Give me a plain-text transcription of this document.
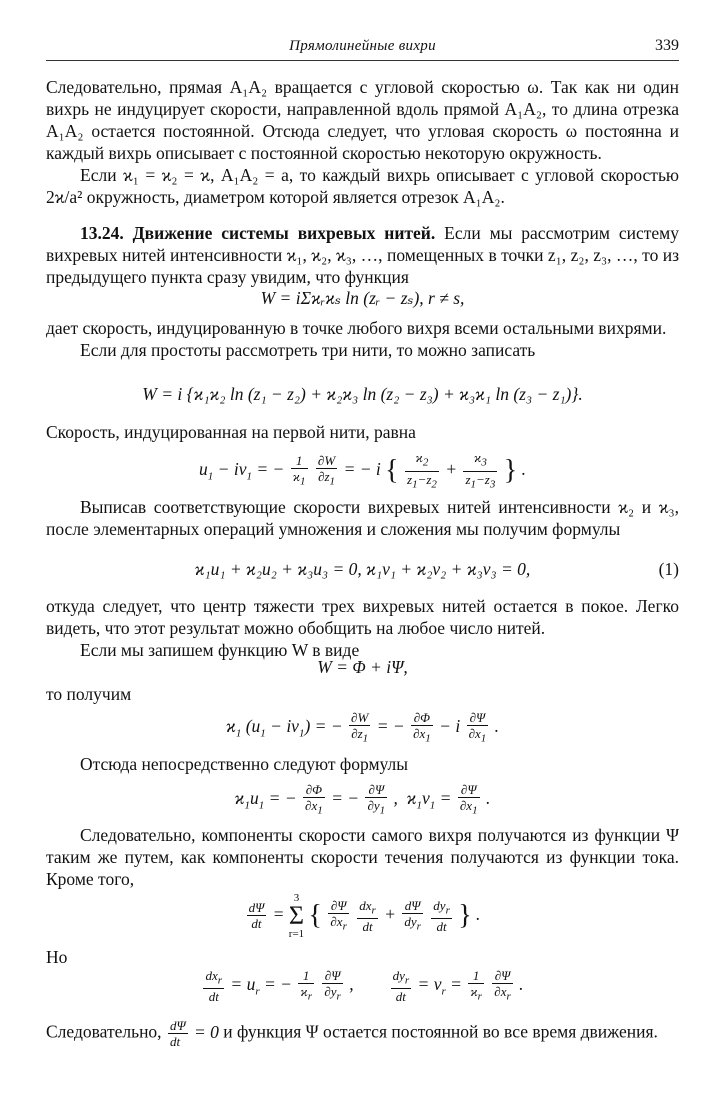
Прямолинейные вихри	339

Следовательно, прямая A₁A₂ вращается с угловой скоростью ω. Так как ни один вихрь не индуцирует скорости, направленной вдоль прямой A₁A₂, то длина отрезка A₁A₂ остается постоянной. Отсюда следует, что угловая скорость ω постоянна и каждый вихрь описывает с постоянной скоростью некоторую окружность.

Если ϰ₁ = ϰ₂ = ϰ, A₁A₂ = a, то каждый вихрь описывает с угловой скоростью 2ϰ/a² окружность, диаметром которой является отрезок A₁A₂.

13.24. Движение системы вихревых нитей. Если мы рассмотрим систему вихревых нитей интенсивности ϰ₁, ϰ₂, ϰ₃, …, помещенных в точки z₁, z₂, z₃, …, то из предыдущего пункта сразу увидим, что функция

W = iΣϰᵣϰₛ ln (zᵣ − zₛ), r ≠ s,

дает скорость, индуцированную в точке любого вихря всеми остальными вихрями.

Если для простоты рассмотреть три нити, то можно записать

W = i {ϰ₁ϰ₂ ln (z₁ − z₂) + ϰ₂ϰ₃ ln (z₂ − z₃) + ϰ₃ϰ₁ ln (z₃ − z₁)}.

Скорость, индуцированная на первой нити, равна

$u_1 - iv_1$ = − $\frac{1}{ϰ_1}$
$\frac{\partial W}{\partial z_1}$ = − i { $\frac{ϰ_2}{z_1-z_2} + \frac{ϰ_3}{z_1-z_3}$ } .

Выписав соответствующие скорости вихревых нитей интенсивности ϰ₂ и ϰ₃, после элементарных операций умножения и сложения мы получим формулы

ϰ₁u₁ + ϰ₂u₂ + ϰ₃u₃ = 0, ϰ₁v₁ + ϰ₂v₂ + ϰ₃v₃ = 0,	(1)

откуда следует, что центр тяжести трех вихревых нитей остается в покое. Легко видеть, что этот результат можно обобщить на любое число нитей.

Если мы запишем функцию W в виде

W = Φ + iΨ,

то получим

$ϰ_1$ $(u_1 - iv_1)$ = − $\frac{\partial W}{\partial z_1}$ = − $\frac{\partial\Phi}{\partial x_1} - i \frac{\partial\Psi}{\partial x_1}$ .

Отсюда непосредственно следуют формулы

$ϰ_1u_1$ = − $\frac{\partial\Phi}{\partial x_1}$ = − $\frac{\partial\Psi}{\partial y_1}$ ,  $ϰ_1v_1 = \frac{\partial\Psi}{\partial x_1}$ .

Следовательно, компоненты скорости самого вихря получаются из функции Ψ таким же путем, как компоненты скорости течения получаются из функции тока. Кроме того,

$\frac{d\Psi}{dt} = 3$
Σ
r=1 { $\frac{\partial\Psi}{\partial x_r}$
$\frac{dx_r}{dt} + \frac{d\Psi}{dy_r}$
$\frac{dy_r}{dt}$ } .

Но

$\frac{dx_r}{dt} = u_r$ = − $\frac{1}{ϰ_r}$
$\frac{\partial\Psi}{\partial y_r}$ , $\frac{dy_r}{dt} = v_r = \frac{1}{ϰ_r}$
$\frac{\partial\Psi}{\partial x_r}$ .

Следовательно, $\frac{d\Psi}{dt} = 0$ и функция Ψ остается постоянной во все время движения.
